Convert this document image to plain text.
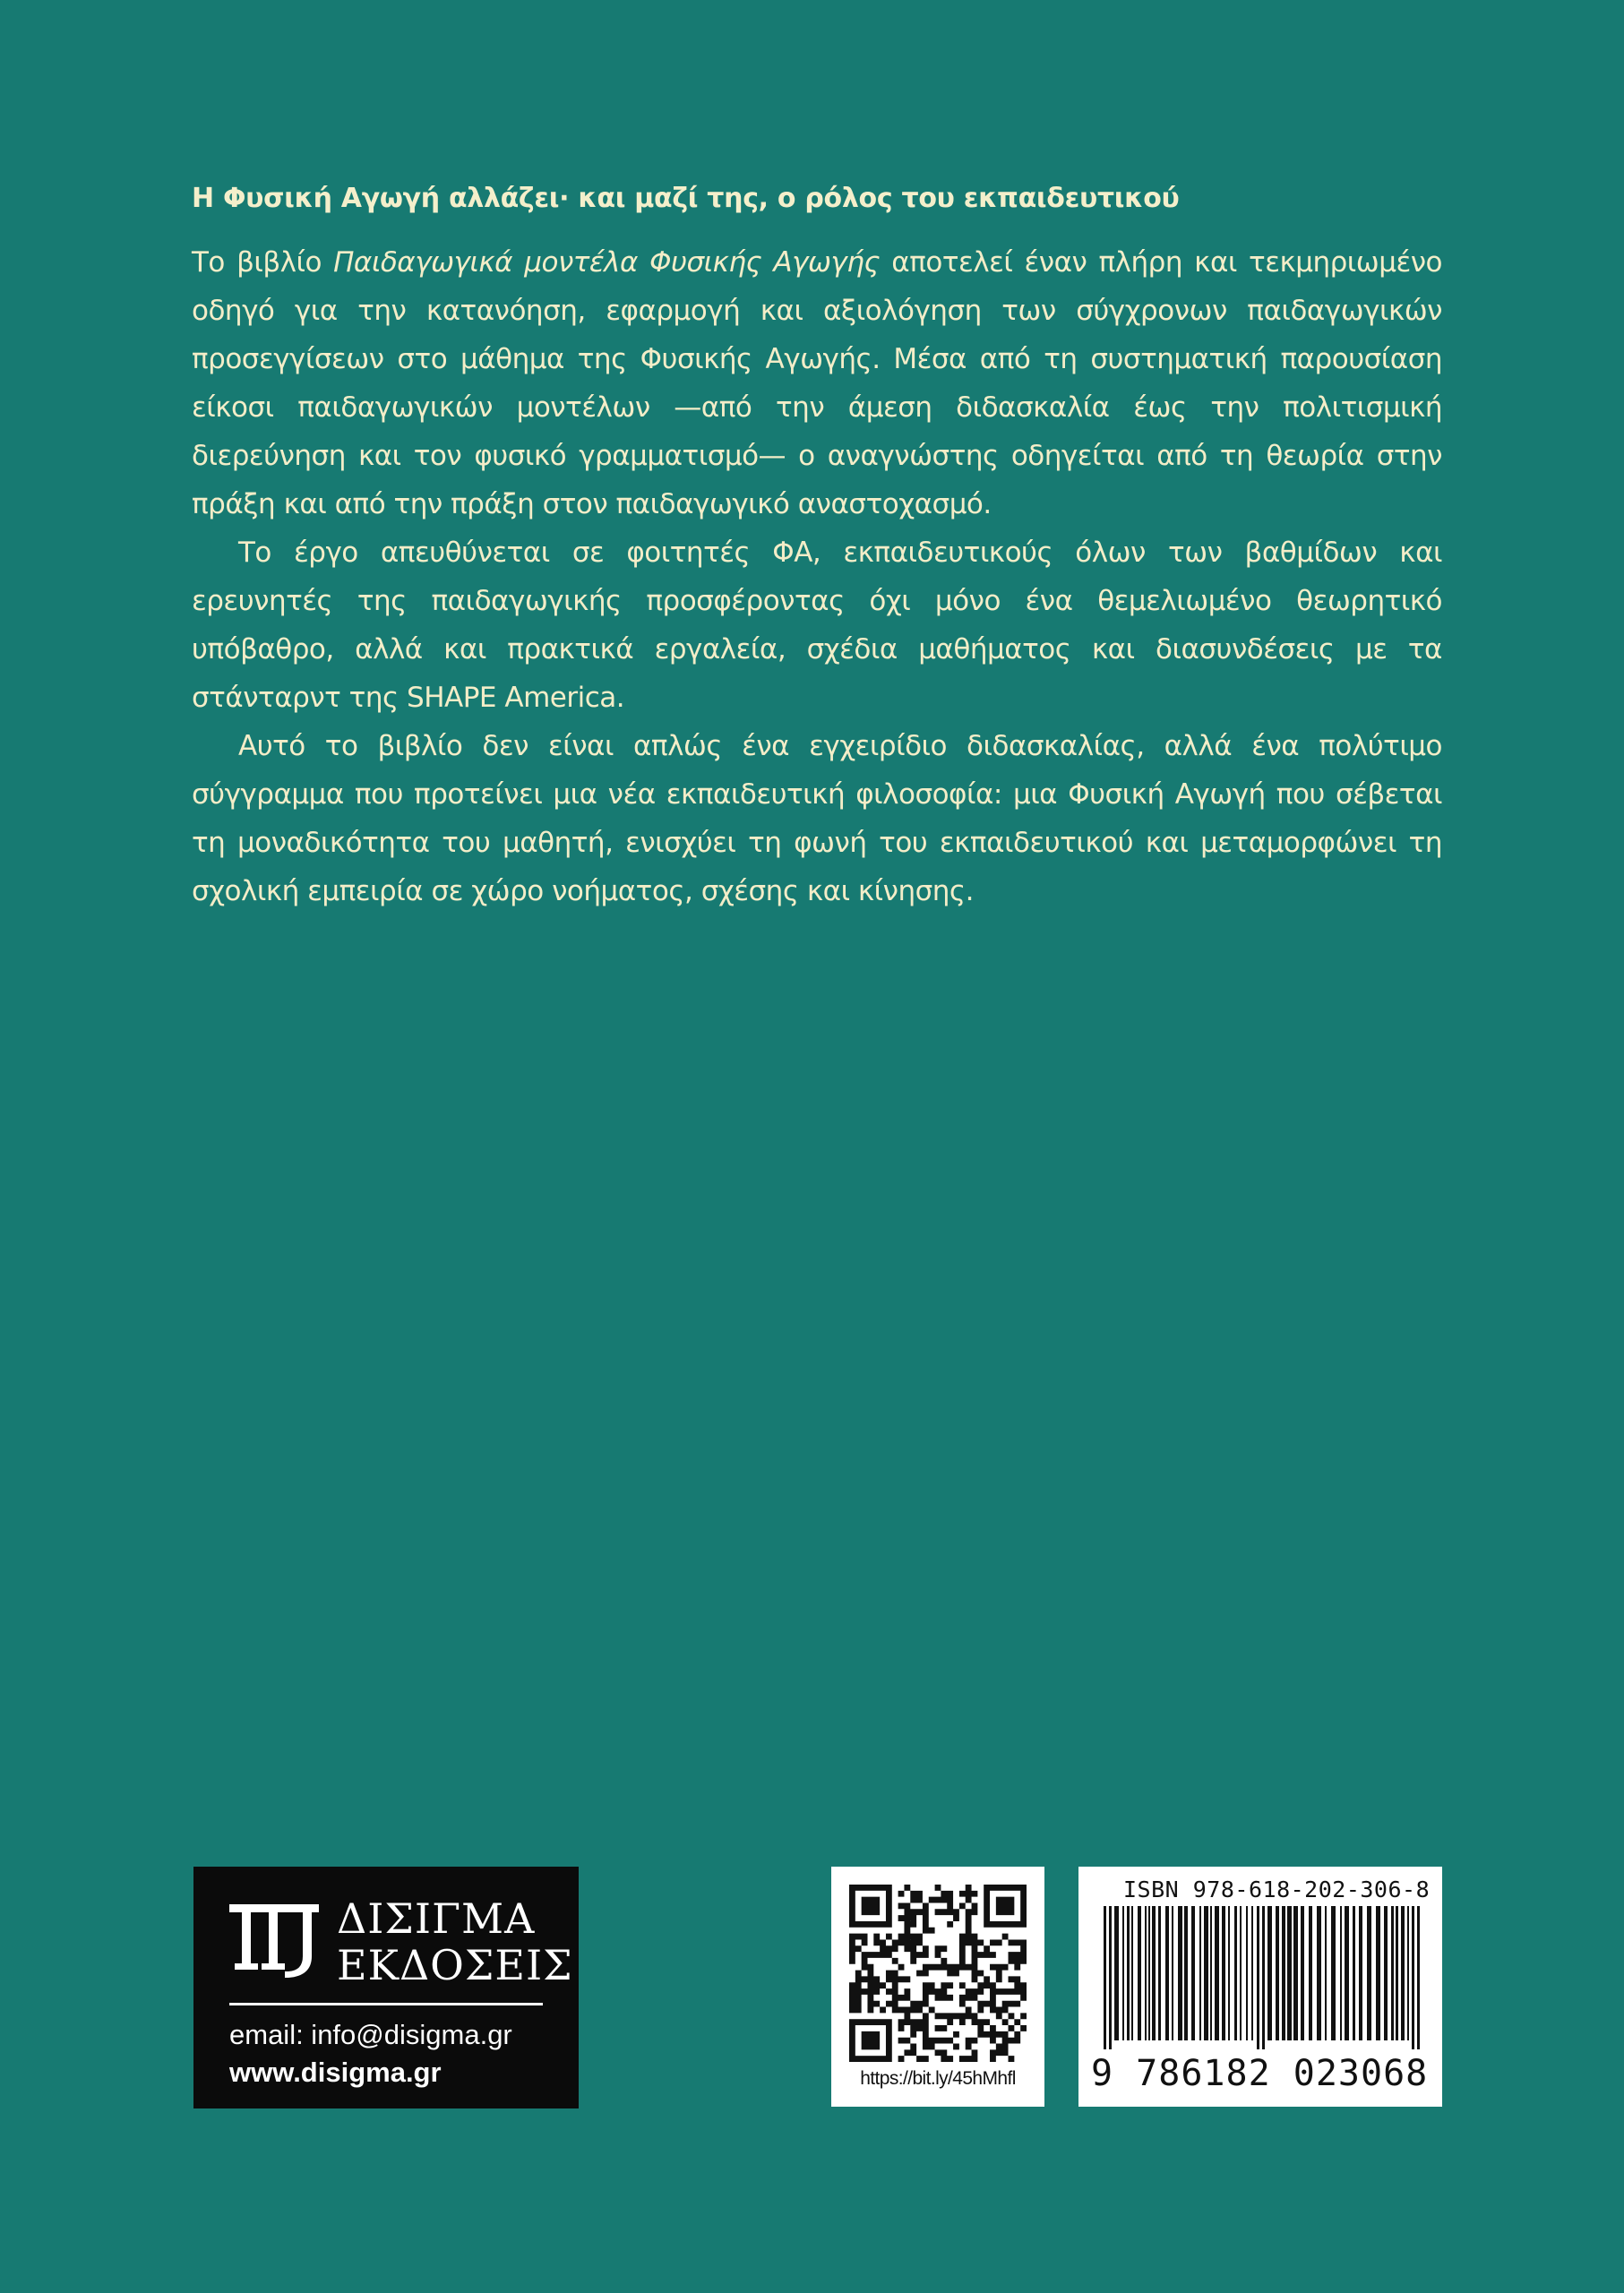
Η Φυσική Αγωγή αλλάζει· και μαζί της, ο ρόλος του εκπαιδευτικού

Το βιβλίο Παιδαγωγικά μοντέλα Φυσικής Αγωγής αποτελεί έναν πλήρη και τεκμηριωμένο οδηγό για την κατανόηση, εφαρμογή και αξιολόγηση των σύγχρονων παιδαγωγικών προσεγγίσεων στο μάθημα της Φυσικής Αγωγής. Μέσα από τη συστηματική παρουσίαση είκοσι παιδαγωγικών μοντέλων —από την άμεση διδασκαλία έως την πολιτισμική διερεύνηση και τον φυσικό γραμματισμό— ο αναγνώστης οδηγείται από τη θεωρία στην πράξη και από την πράξη στον παιδαγωγικό αναστοχασμό.

Το έργο απευθύνεται σε φοιτητές ΦΑ, εκπαιδευτικούς όλων των βαθμίδων και ερευνητές της παιδαγωγικής προσφέροντας όχι μόνο ένα θεμελιωμένο θεωρητικό υπόβαθρο, αλλά και πρακτικά εργαλεία, σχέδια μαθήματος και διασυνδέσεις με τα στάνταρντ της SHAPE America.

Αυτό το βιβλίο δεν είναι απλώς ένα εγχειρίδιο διδασκαλίας, αλλά ένα πολύτιμο σύγγραμμα που προτείνει μια νέα εκπαιδευτική φιλοσοφία: μια Φυσική Αγωγή που σέβεται τη μοναδικότητα του μαθητή, ενισχύει τη φωνή του εκπαιδευτικού και μεταμορφώνει τη σχολική εμπειρία σε χώρο νοήματος, σχέσης και κίνησης.

ΔΙΣΙΓΜΑ
ΕΚΔΟΣΕΙΣ
email: info@disigma.gr
www.disigma.gr	https://bit.ly/45hMhfl
ISBN 978-618-202-306-8
9 786182 023068
